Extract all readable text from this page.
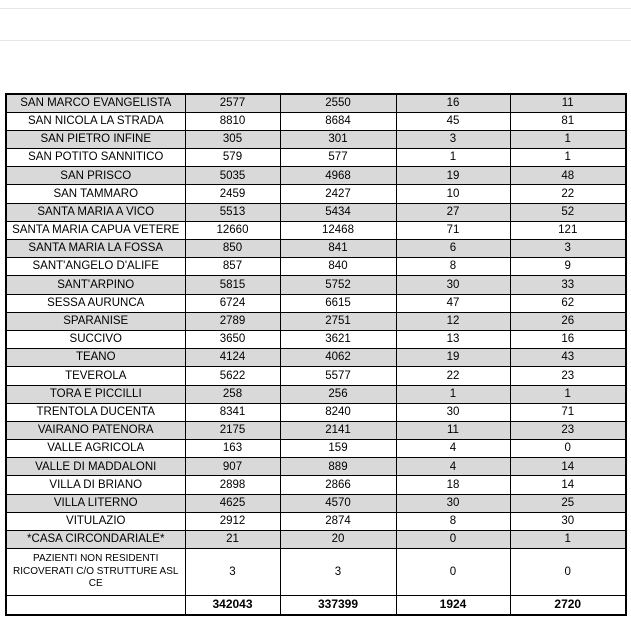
SAN MARCO EVANGELISTA	2577	2550	16	11
SAN NICOLA LA STRADA	8810	8684	45	81
SAN PIETRO INFINE	305	301	3	1
SAN POTITO SANNITICO	579	577	1	1
SAN PRISCO	5035	4968	19	48
SAN TAMMARO	2459	2427	10	22
SANTA MARIA A VICO	5513	5434	27	52
SANTA MARIA CAPUA VETERE	12660	12468	71	121
SANTA MARIA LA FOSSA	850	841	6	3
SANT'ANGELO D'ALIFE	857	840	8	9
SANT'ARPINO	5815	5752	30	33
SESSA AURUNCA	6724	6615	47	62
SPARANISE	2789	2751	12	26
SUCCIVO	3650	3621	13	16
TEANO	4124	4062	19	43
TEVEROLA	5622	5577	22	23
TORA E PICCILLI	258	256	1	1
TRENTOLA DUCENTA	8341	8240	30	71
VAIRANO PATENORA	2175	2141	11	23
VALLE AGRICOLA	163	159	4	0
VALLE DI MADDALONI	907	889	4	14
VILLA DI BRIANO	2898	2866	18	14
VILLA LITERNO	4625	4570	30	25
VITULAZIO	2912	2874	8	30
*CASA CIRCONDARIALE*	21	20	0	1
PAZIENTI NON RESIDENTI RICOVERATI C/O STRUTTURE ASL CE	3	3	0	0
	342043	337399	1924	2720
